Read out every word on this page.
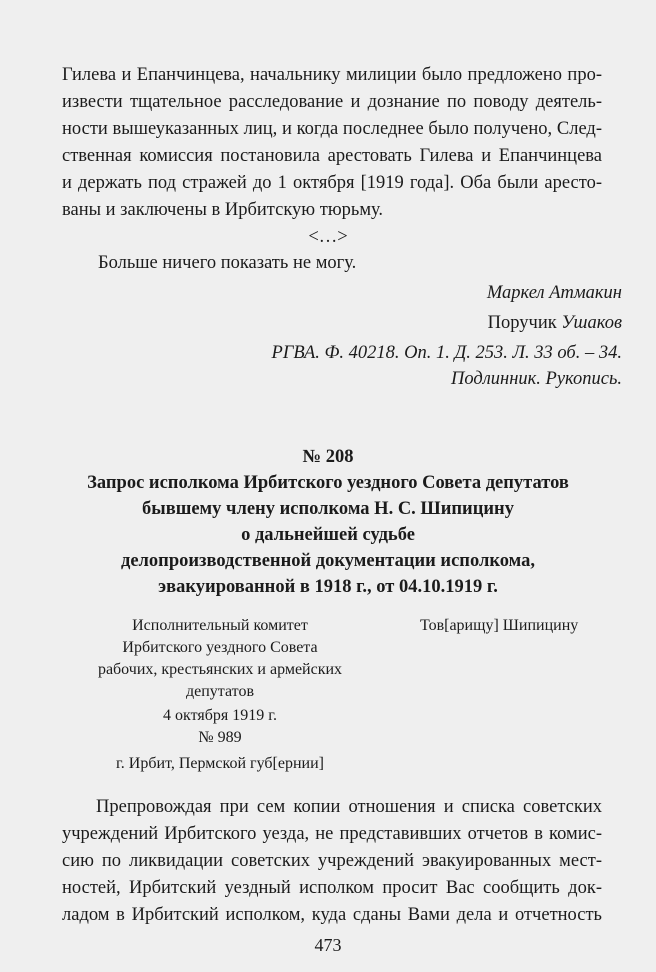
Гилева и Епанчинцева, начальнику милиции было предложено про-
извести тщательное расследование и дознание по поводу деятель-
ности вышеуказанных лиц, и когда последнее было получено, След-
ственная комиссия постановила арестовать Гилева и Епанчинцева
и держать под стражей до 1 октября [1919 года]. Оба были аресто-
ваны и заключены в Ирбитскую тюрьму.
<…>
Больше ничего показать не могу.
Маркел Атмакин
Поручик Ушаков
РГВА. Ф. 40218. Оп. 1. Д. 253. Л. 33 об. – 34.
Подлинник. Рукопись.
№ 208
Запрос исполкома Ирбитского уездного Совета депутатов
бывшему члену исполкома Н. С. Шипицину
о дальнейшей судьбе
делопроизводственной документации исполкома,
эвакуированной в 1918 г., от 04.10.1919 г.
Исполнительный комитет
Ирбитского уездного Совета
рабочих, крестьянских и армейских
депутатов
4 октября 1919 г.
№ 989
г. Ирбит, Пермской губ[ернии]
Тов[арищу] Шипицину
Препровождая при сем копии отношения и списка советских
учреждений Ирбитского уезда, не представивших отчетов в комис-
сию по ликвидации советских учреждений эвакуированных мест-
ностей, Ирбитский уездный исполком просит Вас сообщить док-
ладом в Ирбитский исполком, куда сданы Вами дела и отчетность
473
